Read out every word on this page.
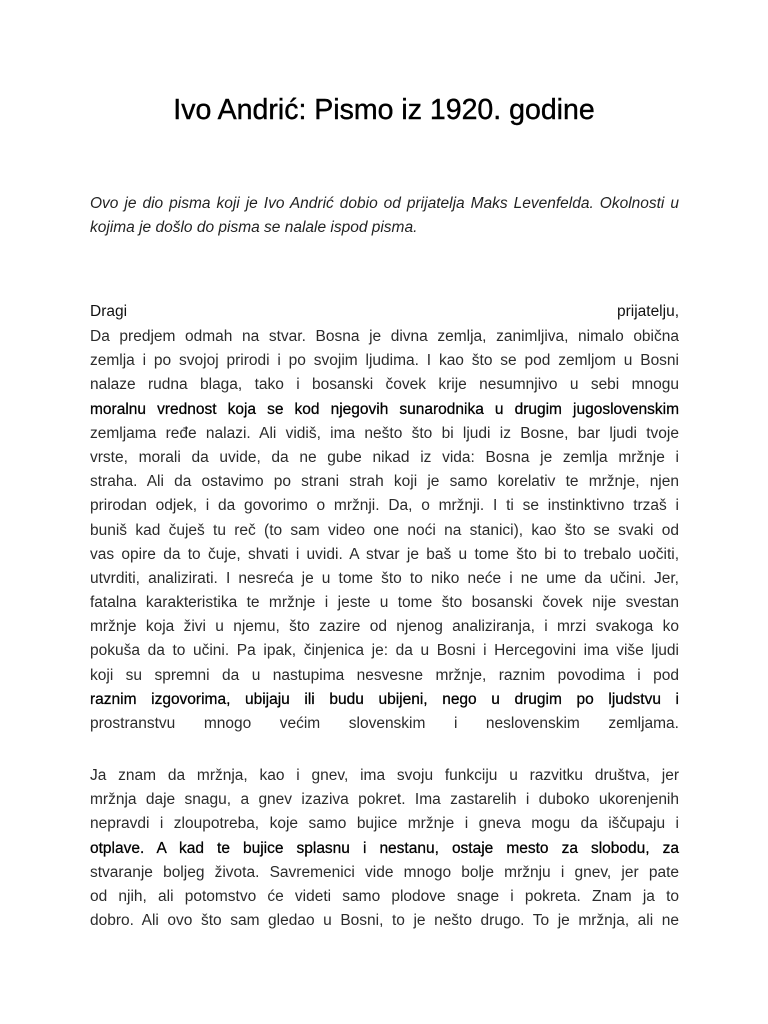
Ivo Andrić: Pismo iz 1920. godine

Ovo je dio pisma koji je Ivo Andrić dobio od prijatelja Maks Levenfelda. Okolnosti u kojima je došlo do pisma se nalale ispod pisma.

Dragi	prijatelju,
Da predjem odmah na stvar. Bosna je divna zemlja, zanimljiva, nimalo obična
zemlja i po svojoj prirodi i po svojim ljudima. I kao što se pod zemljom u Bosni
nalaze rudna blaga, tako i bosanski čovek krije nesumnjivo u sebi mnogu
moralnu vrednost koja se kod njegovih sunarodnika u drugim jugoslovenskim
zemljama ređe nalazi. Ali vidiš, ima nešto što bi ljudi iz Bosne, bar ljudi tvoje
vrste, morali da uvide, da ne gube nikad iz vida: Bosna je zemlja mržnje i
straha. Ali da ostavimo po strani strah koji je samo korelativ te mržnje, njen
prirodan odjek, i da govorimo o mržnji. Da, o mržnji. I ti se instinktivno trzaš i
buniš kad čuješ tu reč (to sam video one noći na stanici), kao što se svaki od
vas opire da to čuje, shvati i uvidi. A stvar je baš u tome što bi to trebalo uočiti,
utvrditi, analizirati. I nesreća je u tome što to niko neće i ne ume da učini. Jer,
fatalna karakteristika te mržnje i jeste u tome što bosanski čovek nije svestan
mržnje koja živi u njemu, što zazire od njenog analiziranja, i mrzi svakoga ko
pokuša da to učini. Pa ipak, činjenica je: da u Bosni i Hercegovini ima više ljudi
koji su spremni da u nastupima nesvesne mržnje, raznim povodima i pod
raznim izgovorima, ubijaju ili budu ubijeni, nego u drugim po ljudstvu i
prostranstvu mnogo većim slovenskim i neslovenskim zemljama.
Ja znam da mržnja, kao i gnev, ima svoju funkciju u razvitku društva, jer
mržnja daje snagu, a gnev izaziva pokret. Ima zastarelih i duboko ukorenjenih
nepravdi i zloupotreba, koje samo bujice mržnje i gneva mogu da iščupaju i
otplave. A kad te bujice splasnu i nestanu, ostaje mesto za slobodu, za
stvaranje boljeg života. Savremenici vide mnogo bolje mržnju i gnev, jer pate
od njih, ali potomstvo će videti samo plodove snage i pokreta. Znam ja to
dobro. Ali ovo što sam gledao u Bosni, to je nešto drugo. To je mržnja, ali ne
